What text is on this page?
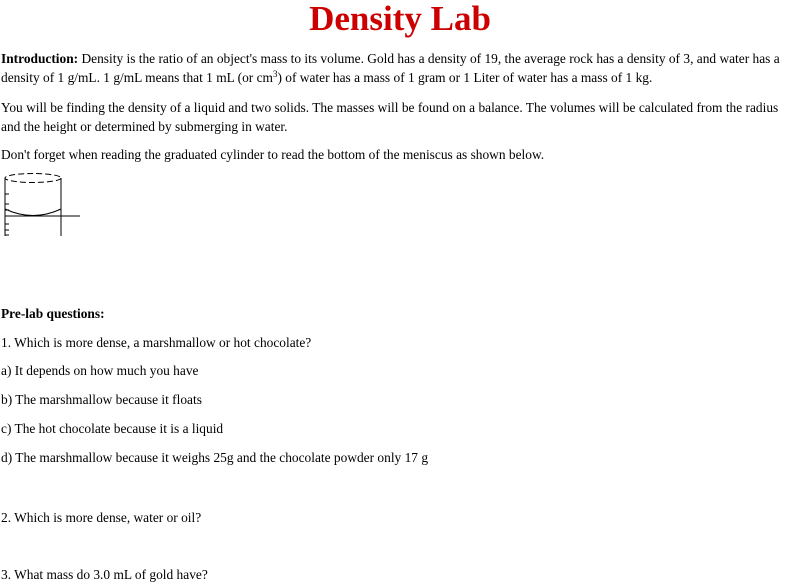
Density Lab

Introduction: Density is the ratio of an object's mass to its volume. Gold has a density of 19, the average rock has a density of 3, and water has a density of 1 g/mL. 1 g/mL means that 1 mL (or $cm^3$) of water has a mass of 1 gram or 1 Liter of water has a mass of 1 kg.

You will be finding the density of a liquid and two solids. The masses will be found on a balance. The volumes will be calculated from the radius and the height or determined by submerging in water.

Don't forget when reading the graduated cylinder to read the bottom of the meniscus as shown below.

Pre-lab questions:

1. Which is more dense, a marshmallow or hot chocolate?

a) It depends on how much you have

b) The marshmallow because it floats

c) The hot chocolate because it is a liquid

d) The marshmallow because it weighs 25g and the chocolate powder only 17 g

2. Which is more dense, water or oil?

3. What mass do 3.0 mL of gold have?
